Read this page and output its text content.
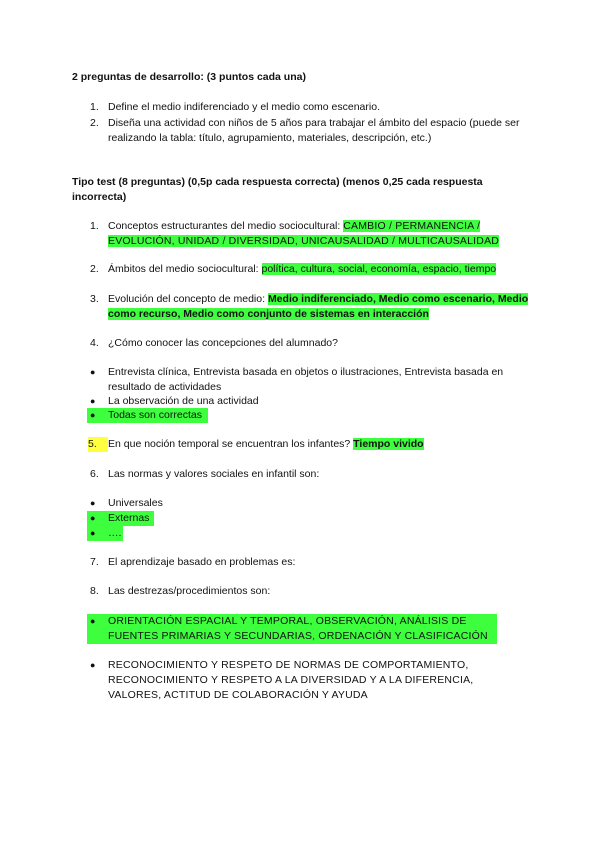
2 preguntas de desarrollo: (3 puntos cada una)
1. Define el medio indiferenciado y el medio como escenario.
2. Diseña una actividad con niños de 5 años para trabajar el ámbito del espacio (puede ser realizando la tabla: título, agrupamiento, materiales, descripción, etc.)
Tipo test (8 preguntas) (0,5p cada respuesta correcta) (menos 0,25 cada respuesta incorrecta)
1. Conceptos estructurantes del medio sociocultural: CAMBIO / PERMANENCIA / EVOLUCIÓN, UNIDAD / DIVERSIDAD, UNICAUSALIDAD / MULTICAUSALIDAD
2. Ámbitos del medio sociocultural: política, cultura, social, economía, espacio, tiempo
3. Evolución del concepto de medio: Medio indiferenciado, Medio como escenario, Medio como recurso, Medio como conjunto de sistemas en interacción
4. ¿Cómo conocer las concepciones del alumnado?
●	Entrevista clínica, Entrevista basada en objetos o ilustraciones, Entrevista basada en resultado de actividades
●	La observación de una actividad
●	Todas son correctas
5.	En que noción temporal se encuentran los infantes? Tiempo vivido
6. Las normas y valores sociales en infantil son:
●	Universales
●	Externas
●	….
7. El aprendizaje basado en problemas es:
8. Las destrezas/procedimientos son:
●	ORIENTACIÓN ESPACIAL Y TEMPORAL, OBSERVACIÓN, ANÁLISIS DE FUENTES PRIMARIAS Y SECUNDARIAS, ORDENACIÓN Y CLASIFICACIÓN
●	RECONOCIMIENTO Y RESPETO DE NORMAS DE COMPORTAMIENTO, RECONOCIMIENTO Y RESPETO A LA DIVERSIDAD Y A LA DIFERENCIA, VALORES, ACTITUD DE COLABORACIÓN Y AYUDA
